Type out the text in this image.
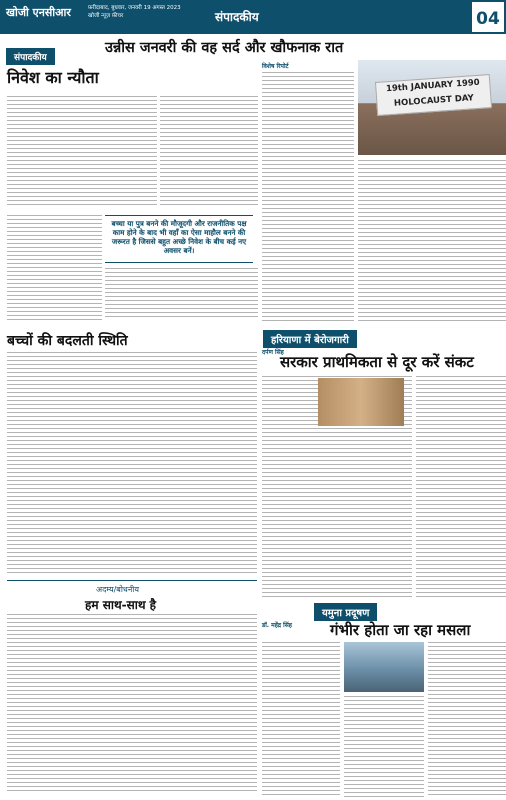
खोजी एनसीआर	फ़रीदाबाद, बुधवार, जनवरी 19 अगस्त 2023
खोजी न्यूज़ फ़ीचर	संपादकीय	04
संपादकीय
निवेश का न्यौता
बच्चा या पुत्र बनने की मौजूदगी और राजनीतिक पक्ष काम होने के बाद भी वहाँ का ऐसा माहौल बनने की जरूरत है जिससे बहुत अच्छे निवेश के बीच कई नए अवसर बनें।
बच्चों की बदलती स्थिति
अदम्य/बोधनीय
हम साथ-साथ है
उन्नीस जनवरी की वह सर्द और खौफनाक रात
विशेष रिपोर्ट
19th JANUARY 1990 HOLOCAUST DAY
हरियाणा में बेरोजगारी
दर्पण सिंह
सरकार प्राथमिकता से दूर करें संकट
यमुना प्रदूषण
डॉ. महेंद्र सिंह	गंभीर होता जा रहा मसला
